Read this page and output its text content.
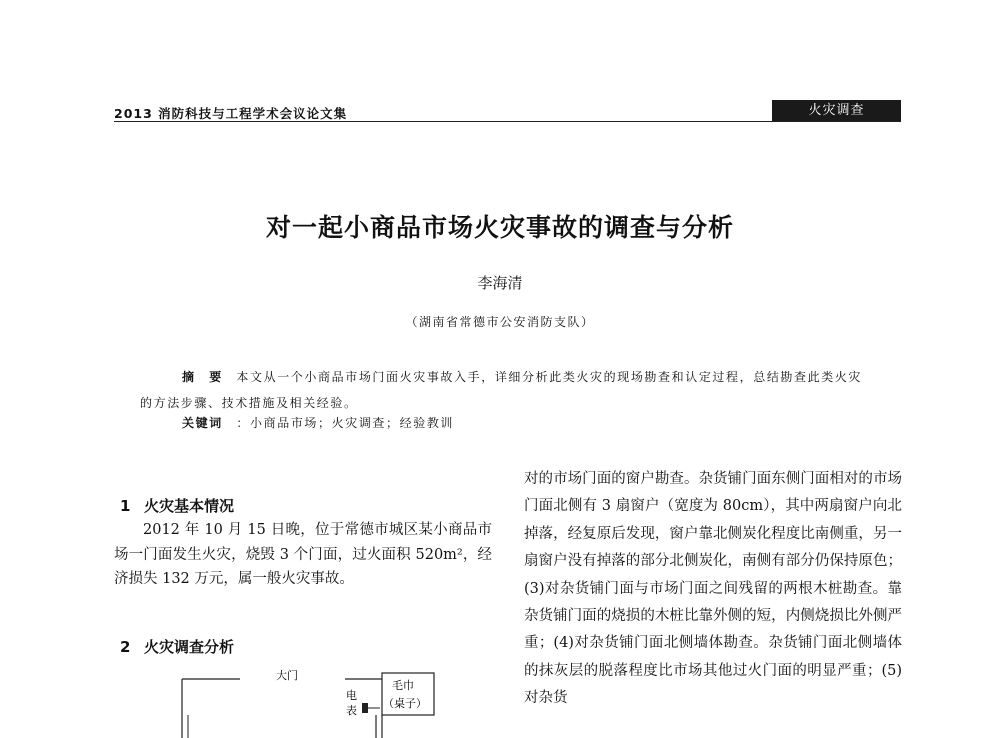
2013 消防科技与工程学术会议论文集	火灾调查
对一起小商品市场火灾事故的调查与分析
李海清
（湖南省常德市公安消防支队）

摘　要　 本文从一个小商品市场门面火灾事故入手，详细分析此类火灾的现场勘查和认定过程，总结勘查此类火灾的方法步骤、技术措施及相关经验。

关键词　 ：小商品市场；火灾调查；经验教训
1 火灾基本情况

2012 年 10 月 15 日晚，位于常德市城区某小商品市场一门面发生火灾，烧毁 3 个门面，过火面积 520m²，经济损失 132 万元，属一般火灾事故。

2 火灾调查分析
大门
电
表
毛巾
（桌子）

对的市场门面的窗户勘查。杂货铺门面东侧门面相对的市场门面北侧有 3 扇窗户（宽度为 80cm），其中两扇窗户向北掉落，经复原后发现，窗户靠北侧炭化程度比南侧重，另一扇窗户没有掉落的部分北侧炭化，南侧有部分仍保持原色；(3)对杂货铺门面与市场门面之间残留的两根木桩勘查。靠杂货铺门面的烧损的木桩比靠外侧的短，内侧烧损比外侧严重；(4)对杂货铺门面北侧墙体勘查。杂货铺门面北侧墙体的抹灰层的脱落程度比市场其他过火门面的明显严重；(5)对杂货
